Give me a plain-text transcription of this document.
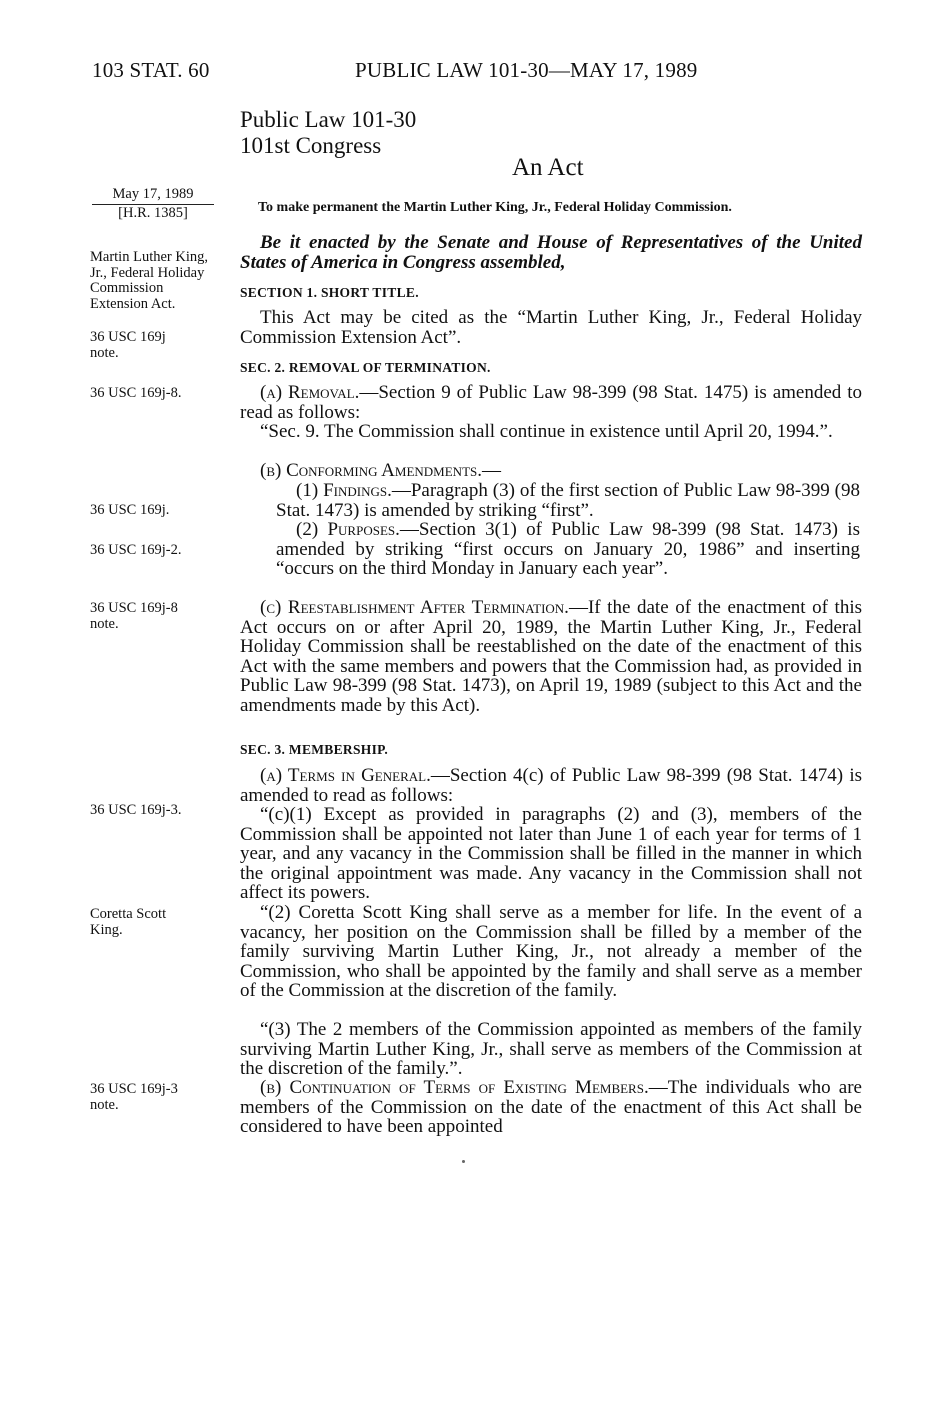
103 STAT. 60	PUBLIC LAW 101-30—MAY 17, 1989
Public Law 101-30
101st Congress
An Act
May 17, 1989
[H.R. 1385]
Martin Luther King, Jr., Federal Holiday Commission Extension Act.
36 USC 169j note.
36 USC 169j-8.
36 USC 169j.
36 USC 169j-2.
36 USC 169j-8 note.
36 USC 169j-3.
Coretta Scott King.
36 USC 169j-3 note.
To make permanent the Martin Luther King, Jr., Federal Holiday Commission.

Be it enacted by the Senate and House of Representatives of the United States of America in Congress assembled,

SECTION 1. SHORT TITLE.

This Act may be cited as the “Martin Luther King, Jr., Federal Holiday Commission Extension Act”.

SEC. 2. REMOVAL OF TERMINATION.

(a) Removal.—Section 9 of Public Law 98-399 (98 Stat. 1475) is amended to read as follows:

“Sec. 9. The Commission shall continue in existence until April 20, 1994.”.

(b) Conforming Amendments.—

(1) Findings.—Paragraph (3) of the first section of Public Law 98-399 (98 Stat. 1473) is amended by striking “first”.

(2) Purposes.—Section 3(1) of Public Law 98-399 (98 Stat. 1473) is amended by striking “first occurs on January 20, 1986” and inserting “occurs on the third Monday in January each year”.

(c) Reestablishment After Termination.—If the date of the enactment of this Act occurs on or after April 20, 1989, the Martin Luther King, Jr., Federal Holiday Commission shall be reestablished on the date of the enactment of this Act with the same members and powers that the Commission had, as provided in Public Law 98-399 (98 Stat. 1473), on April 19, 1989 (subject to this Act and the amendments made by this Act).

SEC. 3. MEMBERSHIP.

(a) Terms in General.—Section 4(c) of Public Law 98-399 (98 Stat. 1474) is amended to read as follows:

“(c)(1) Except as provided in paragraphs (2) and (3), members of the Commission shall be appointed not later than June 1 of each year for terms of 1 year, and any vacancy in the Commission shall be filled in the manner in which the original appointment was made. Any vacancy in the Commission shall not affect its powers.

“(2) Coretta Scott King shall serve as a member for life. In the event of a vacancy, her position on the Commission shall be filled by a member of the family surviving Martin Luther King, Jr., not already a member of the Commission, who shall be appointed by the family and shall serve as a member of the Commission at the discretion of the family.

“(3) The 2 members of the Commission appointed as members of the family surviving Martin Luther King, Jr., shall serve as members of the Commission at the discretion of the family.”.

(b) Continuation of Terms of Existing Members.—The individuals who are members of the Commission on the date of the enactment of this Act shall be considered to have been appointed
